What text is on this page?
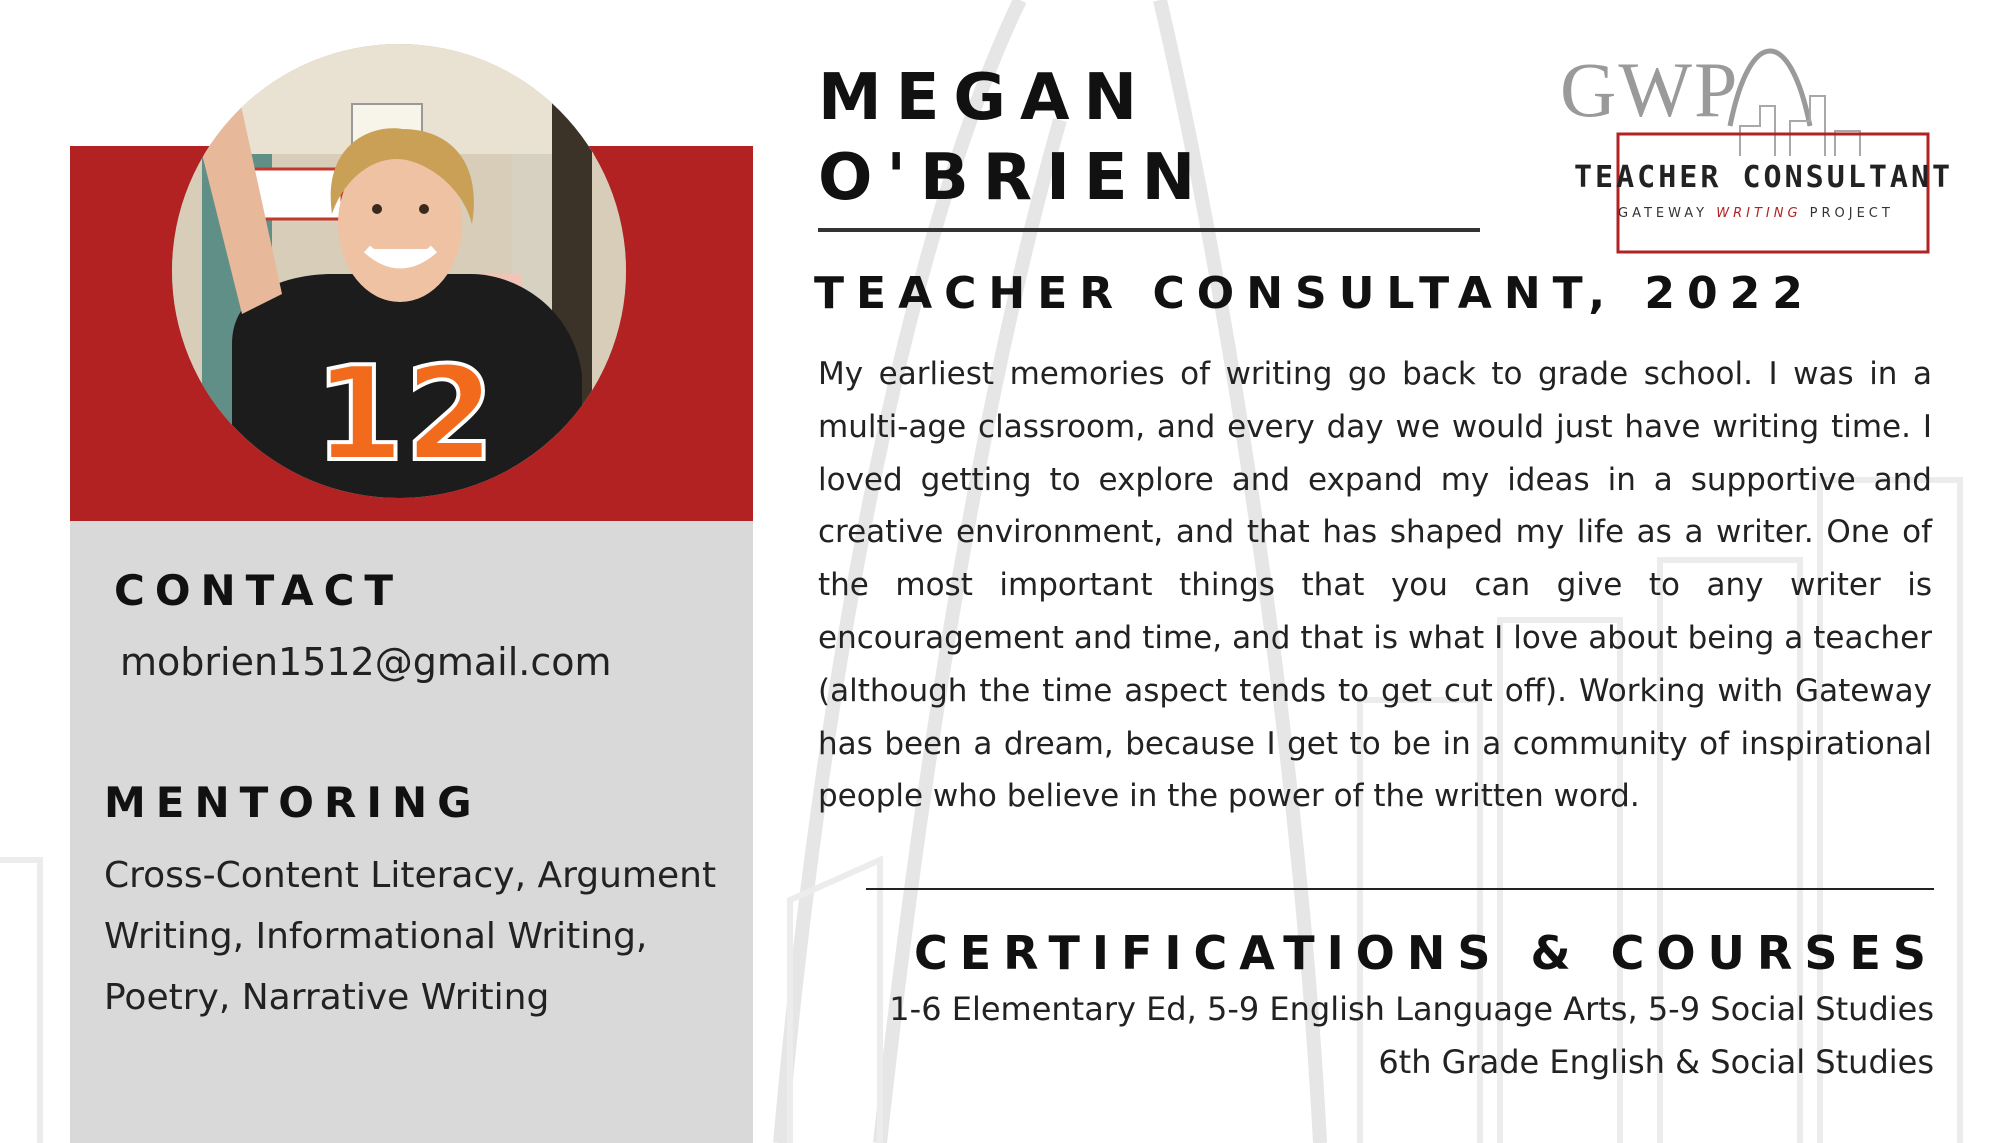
12
CONTACT
mobrien1512@gmail.com
MENTORING
Cross-Content Literacy, Argument Writing, Informational Writing, Poetry, Narrative Writing
MEGAN
O'BRIEN
TEACHER CONSULTANT, 2022
My earliest memories of writing go back to grade school. I was in a multi-age classroom, and every day we would just have writing time. I loved getting to explore and expand my ideas in a supportive and creative environment, and that has shaped my life as a writer. One of the most important things that you can give to any writer is encouragement and time, and that is what I love about being a teacher (although the time aspect tends to get cut off). Working with Gateway has been a dream, because I get to be in a community of inspirational people who believe in the power of the written word.
CERTIFICATIONS & COURSES
1-6 Elementary Ed, 5-9 English Language Arts, 5-9 Social Studies
6th Grade English & Social Studies
GWP
TEACHER CONSULTANT
GATEWAY WRITING PROJECT
